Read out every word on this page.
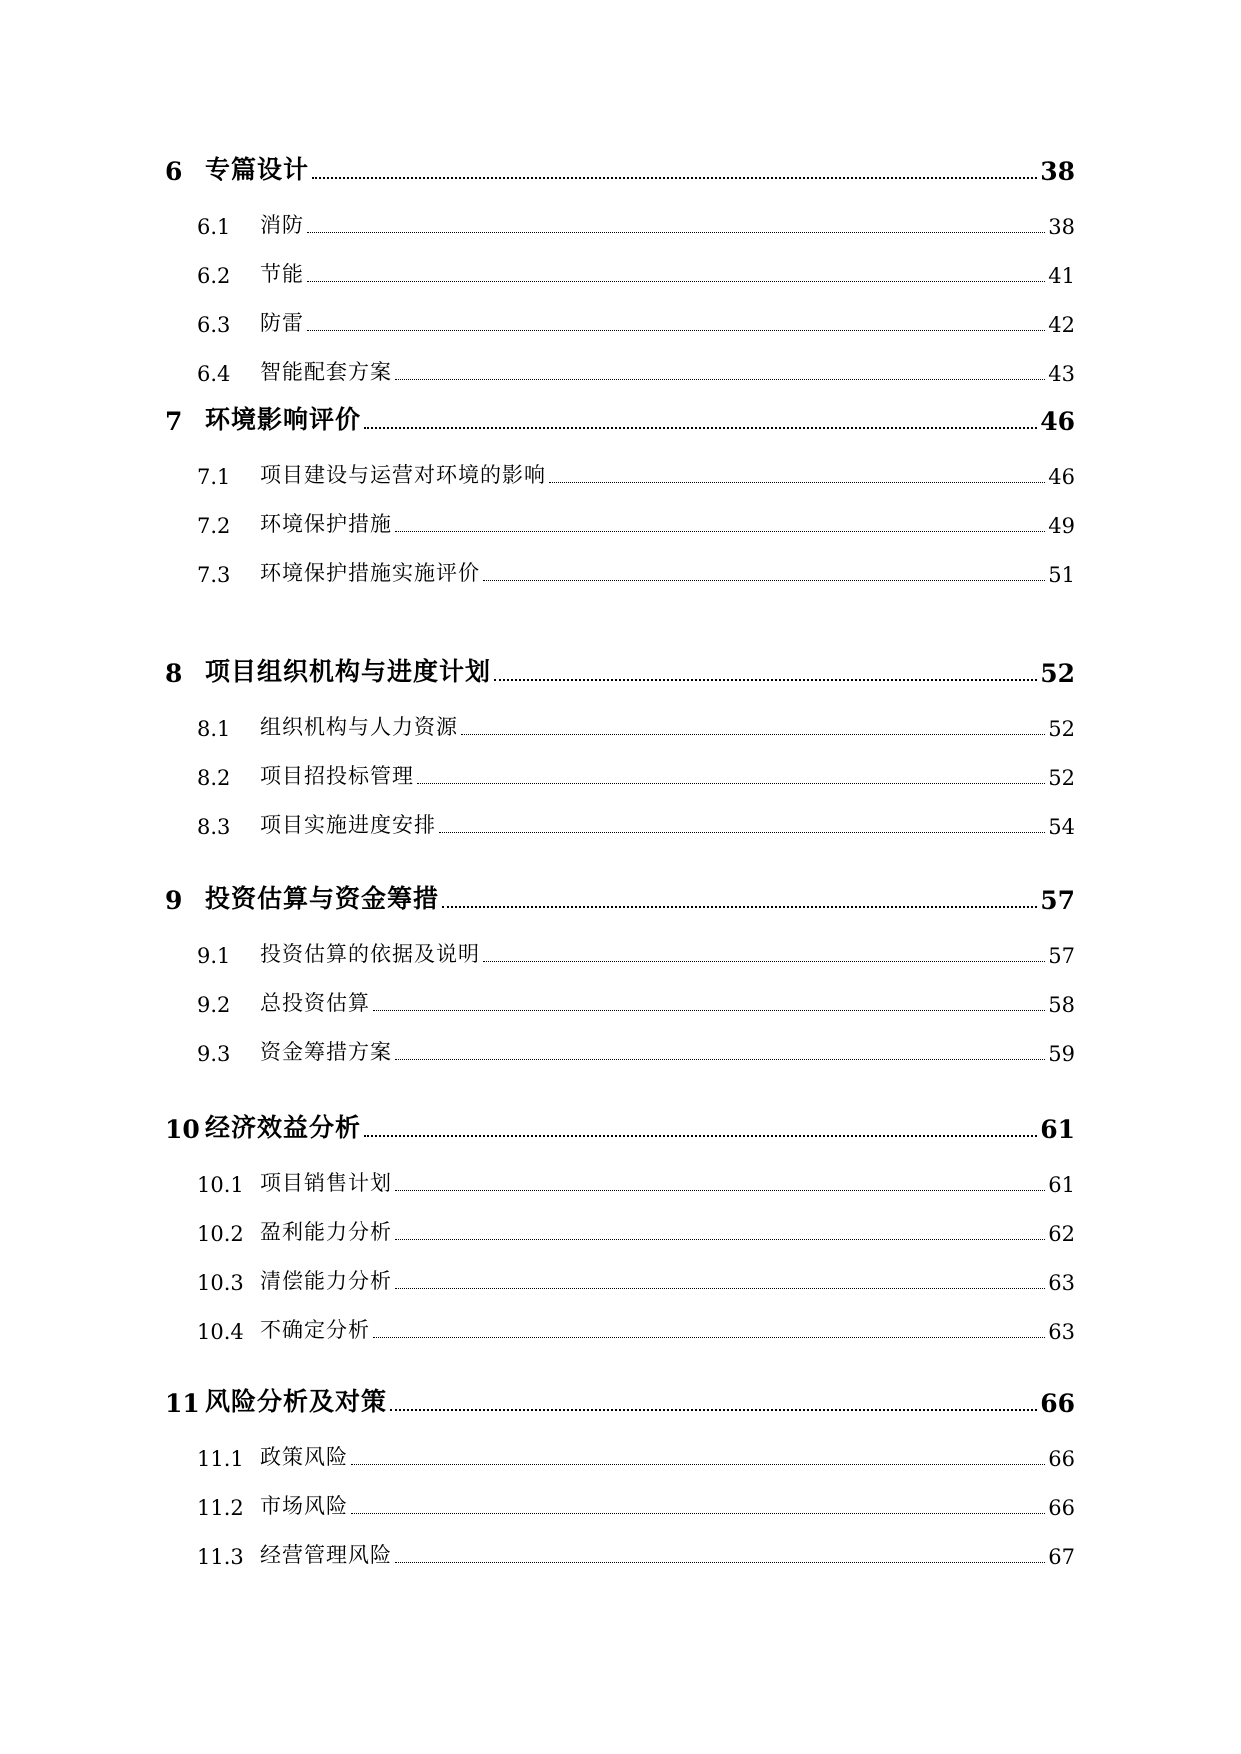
6 专篇设计	38
6.1	消防	38
6.2	节能	41
6.3	防雷	42
6.4	智能配套方案	43
7 环境影响评价	46
7.1	项目建设与运营对环境的影响	46
7.2	环境保护措施	49
7.3	环境保护措施实施评价	51
8 项目组织机构与进度计划	52
8.1	组织机构与人力资源	52
8.2	项目招投标管理	52
8.3	项目实施进度安排	54
9 投资估算与资金筹措	57
9.1	投资估算的依据及说明	57
9.2	总投资估算	58
9.3	资金筹措方案	59
10 经济效益分析	61
10.1 项目销售计划	61
10.2 盈利能力分析	62
10.3 清偿能力分析	63
10.4 不确定分析	63
11 风险分析及对策	66
11.1 政策风险	66
11.2 市场风险	66
11.3 经营管理风险	67
